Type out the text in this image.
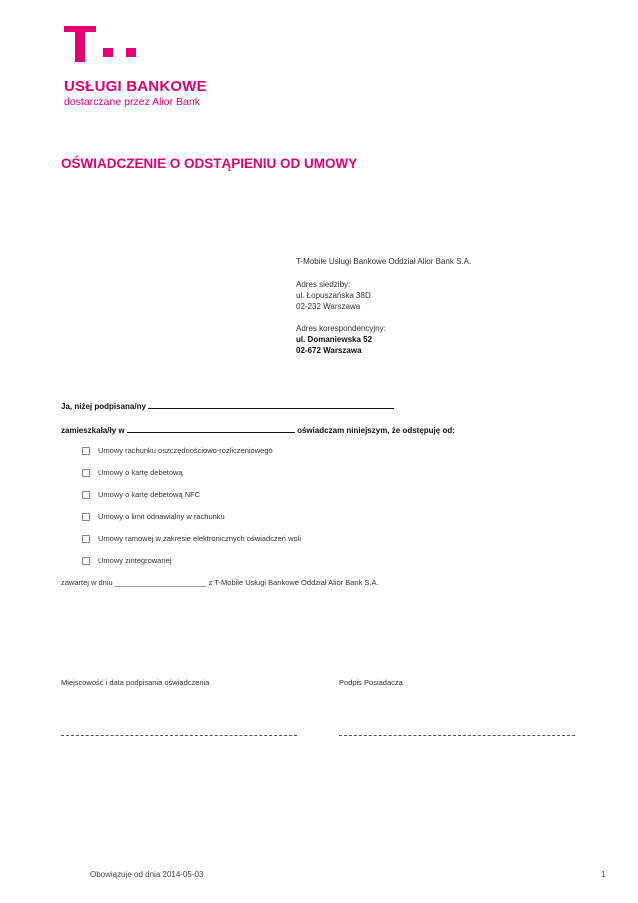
USŁUGI BANKOWE
dostarczane przez Alior Bank
OŚWIADCZENIE O ODSTĄPIENIU OD UMOWY
T-Mobile Usługi Bankowe Oddział Alior Bank S.A.
Adres siedziby:
ul. Łopuszańska 38D
02-232 Warszawa
Adres korespondencyjny:
ul. Domaniewska 52
02-672 Warszawa
Ja, niżej podpisana/ny
zamieszkała/ły w	oświadczam niniejszym, że odstępuję od:
Umowy rachunku oszczędnościowo-rozliczeniowego
Umowy o kartę debetową
Umowy o kartę debetową NFC
Umowy o limit odnawialny w rachunku
Umowy ramowej w zakresie elektronicznych oświadczeń woli
Umowy zintegrowanej
zawartej w dniu ______________________ z T-Mobile Usługi Bankowe Oddział Alior Bank S.A.
Miejscowość i data podpisania oświadczenia	Podpis Posiadacza
Obowiązuje od dnia 2014-05-03	1
